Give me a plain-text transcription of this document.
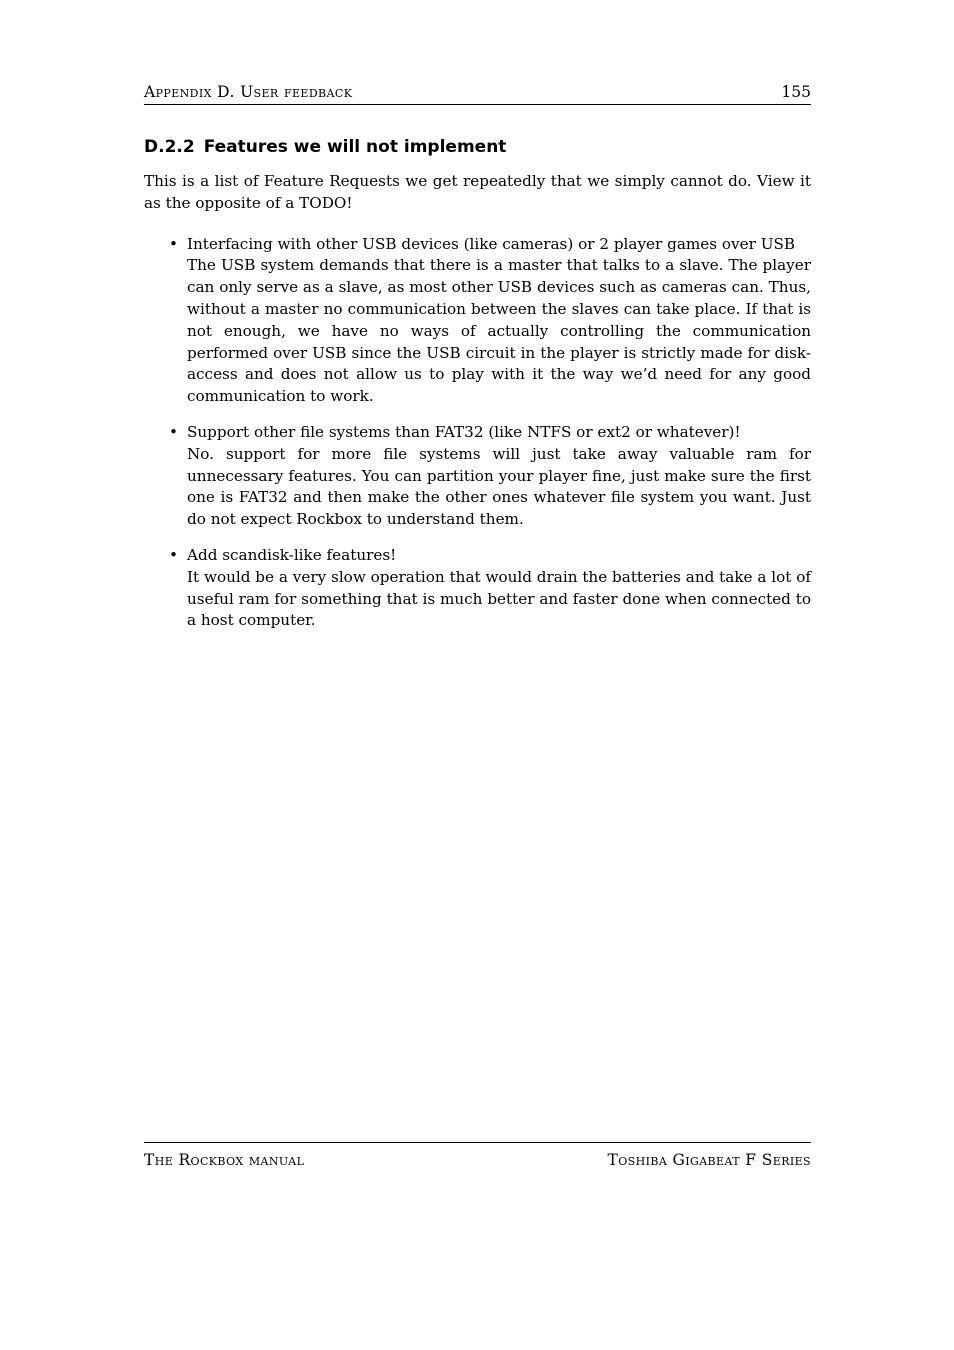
Appendix D. User feedback	155
D.2.2 Features we will not implement

This is a list of Feature Requests we get repeatedly that we simply cannot do. View it as the opposite of a TODO!

• Interfacing with other USB devices (like cameras) or 2 player games over USB
The USB system demands that there is a master that talks to a slave. The player can only serve as a slave, as most other USB devices such as cameras can. Thus, without a master no communication between the slaves can take place. If that is not enough, we have no ways of actually controlling the communication performed over USB since the USB circuit in the player is strictly made for disk-access and does not allow us to play with it the way we’d need for any good communication to work.
• Support other file systems than FAT32 (like NTFS or ext2 or whatever)!
No. support for more file systems will just take away valuable ram for unnecessary features. You can partition your player fine, just make sure the first one is FAT32 and then make the other ones whatever file system you want. Just do not expect Rockbox to understand them.
• Add scandisk-like features!
It would be a very slow operation that would drain the batteries and take a lot of useful ram for something that is much better and faster done when connected to a host computer.
The Rockbox manual	Toshiba Gigabeat F Series
